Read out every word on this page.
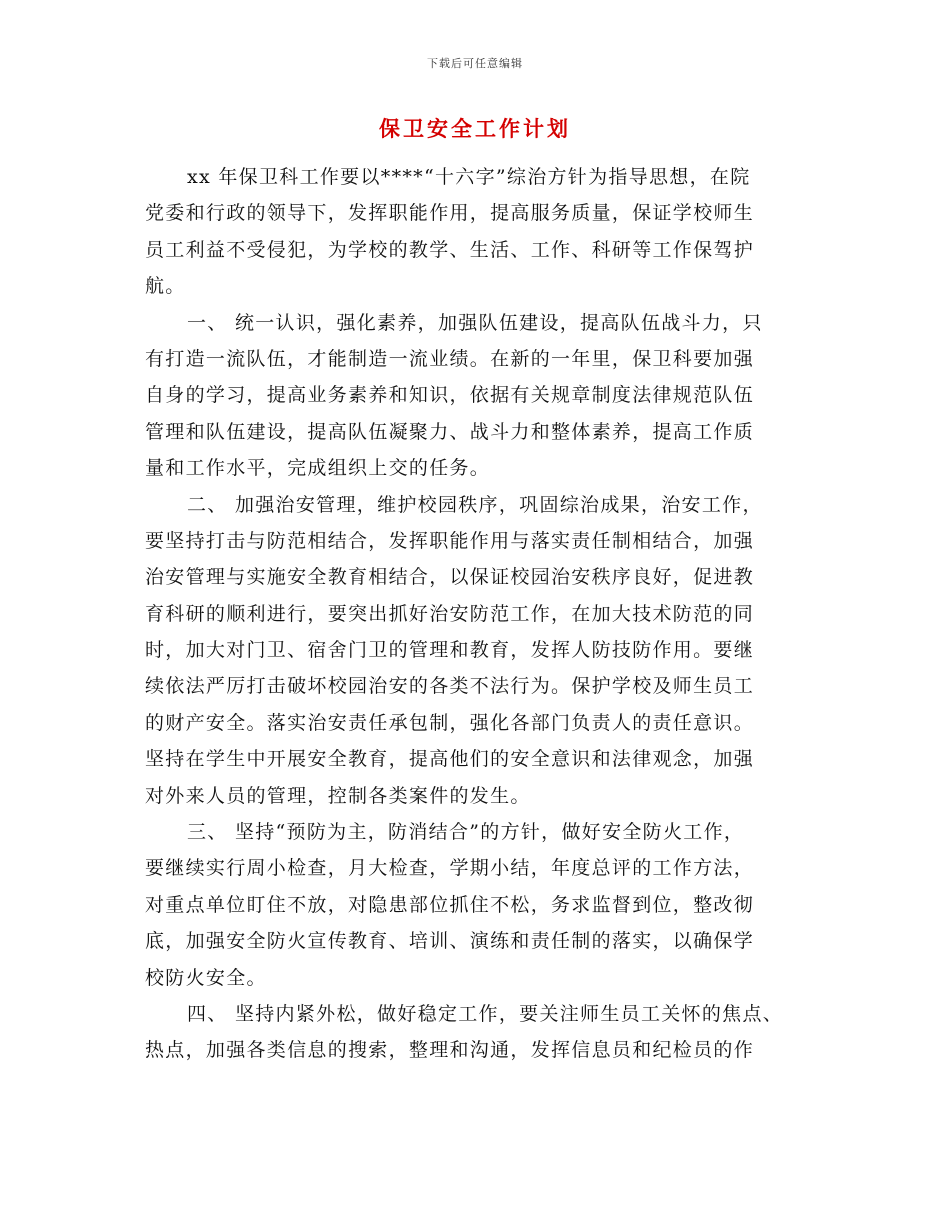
下载后可任意编辑
保卫安全工作计划
xx 年保卫科工作要以****“十六字”综治方针为指导思想，在院
党委和行政的领导下，发挥职能作用，提高服务质量，保证学校师生
员工利益不受侵犯，为学校的教学、生活、工作、科研等工作保驾护
航。
一、 统一认识，强化素养，加强队伍建设，提高队伍战斗力，只
有打造一流队伍，才能制造一流业绩。在新的一年里，保卫科要加强
自身的学习，提高业务素养和知识，依据有关规章制度法律规范队伍
管理和队伍建设，提高队伍凝聚力、战斗力和整体素养，提高工作质
量和工作水平，完成组织上交的任务。
二、 加强治安管理，维护校园秩序，巩固综治成果，治安工作，
要坚持打击与防范相结合，发挥职能作用与落实责任制相结合，加强
治安管理与实施安全教育相结合，以保证校园治安秩序良好，促进教
育科研的顺利进行，要突出抓好治安防范工作，在加大技术防范的同
时，加大对门卫、宿舍门卫的管理和教育，发挥人防技防作用。要继
续依法严厉打击破坏校园治安的各类不法行为。保护学校及师生员工
的财产安全。落实治安责任承包制，强化各部门负责人的责任意识。
坚持在学生中开展安全教育，提高他们的安全意识和法律观念，加强
对外来人员的管理，控制各类案件的发生。
三、 坚持“预防为主，防消结合”的方针，做好安全防火工作，
要继续实行周小检查，月大检查，学期小结，年度总评的工作方法，
对重点单位盯住不放，对隐患部位抓住不松，务求监督到位，整改彻
底，加强安全防火宣传教育、培训、演练和责任制的落实，以确保学
校防火安全。
四、 坚持内紧外松，做好稳定工作，要关注师生员工关怀的焦点、
热点，加强各类信息的搜索，整理和沟通，发挥信息员和纪检员的作
